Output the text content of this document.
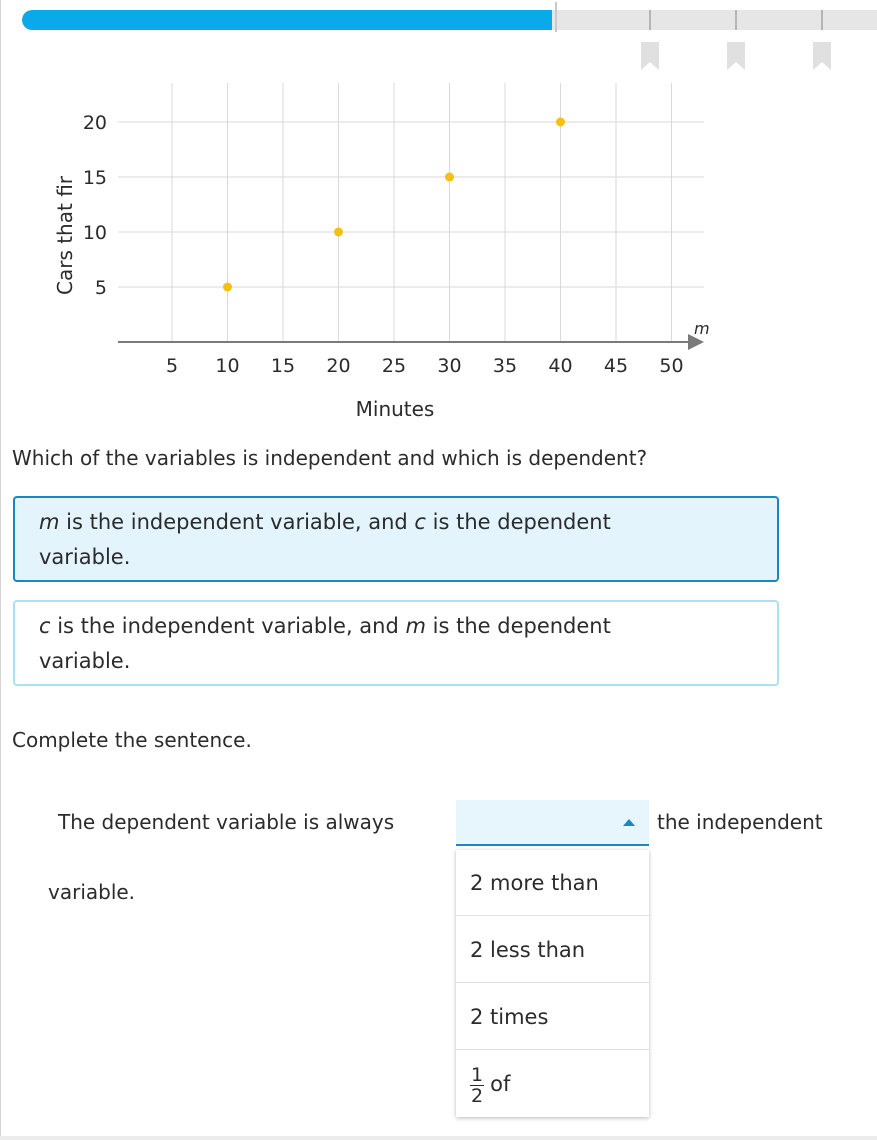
5 10 15 20 25 30 35 40 45 50
5
10
15
20
m
Minutes
Cars that fir
Which of the variables is independent and which is dependent?
m is the independent variable, and c is the dependent
variable.
c is the independent variable, and m is the dependent
variable.
Complete the sentence.
The dependent variable is always	the independent
variable.	2 more than
2 less than
2 times
$\frac{1}{2}$ of
